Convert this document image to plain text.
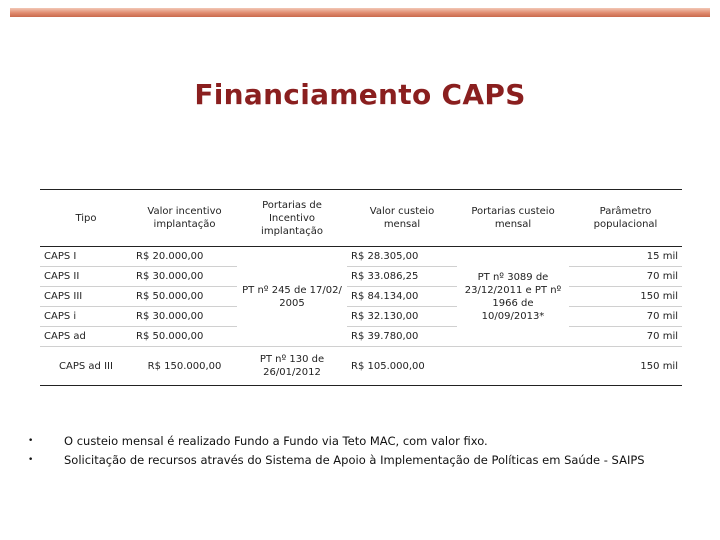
Financiamento CAPS
Tipo	Valor incentivo implantação	Portarias de Incentivo implantação	Valor custeio mensal	Portarias custeio mensal	Parâmetro populacional
CAPS I	R$ 20.000,00	PT nº 245 de 17/02/ 2005	R$ 28.305,00	PT nº 3089 de 23/12/2011 e PT nº 1966 de 10/09/2013*	15 mil
CAPS II	R$ 30.000,00		R$ 33.086,25		70 mil
CAPS III	R$ 50.000,00		R$ 84.134,00		150 mil
CAPS i	R$ 30.000,00		R$ 32.130,00		70 mil
CAPS ad	R$ 50.000,00		R$ 39.780,00		70 mil
CAPS ad III	R$ 150.000,00	PT nº 130 de 26/01/2012	R$ 105.000,00		150 mil
•	O custeio mensal é realizado Fundo a Fundo via Teto MAC, com valor fixo.
•	Solicitação de recursos através do Sistema de Apoio à Implementação de Políticas em Saúde - SAIPS
